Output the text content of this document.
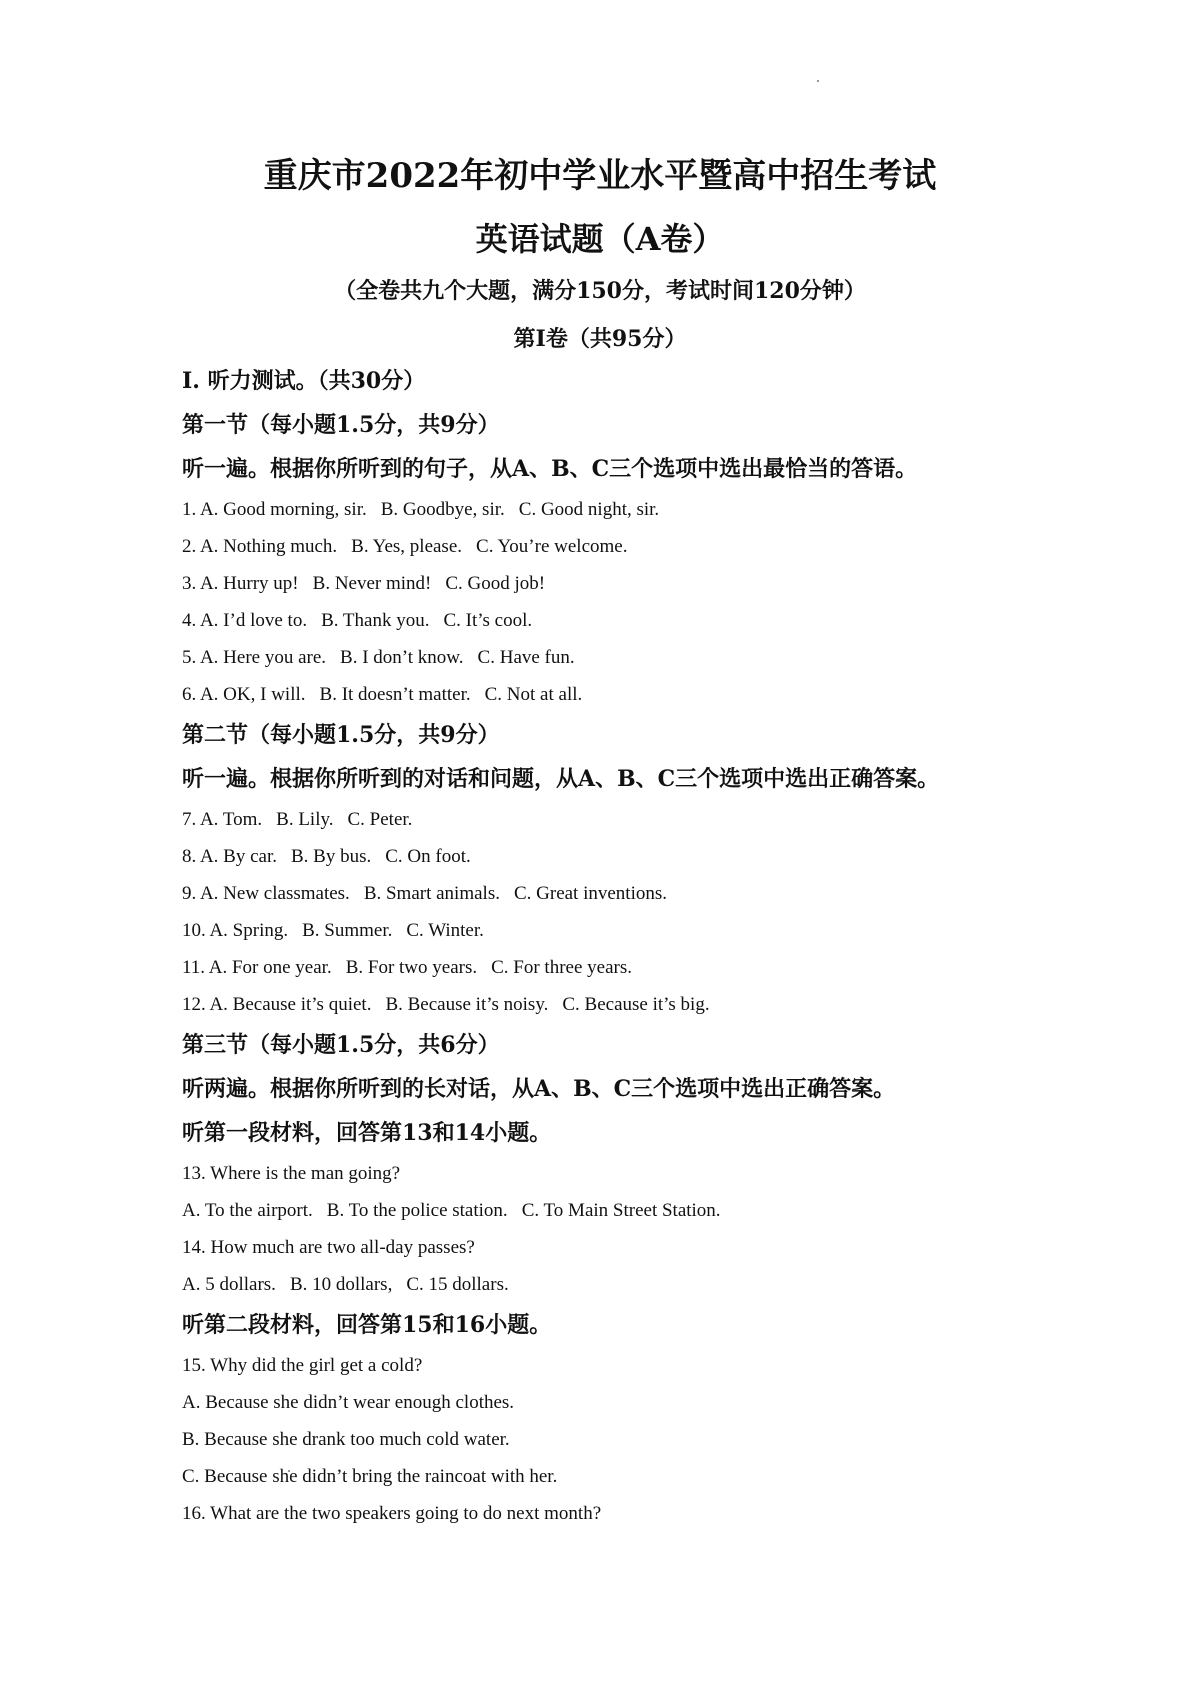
重庆市2022年初中学业水平暨高中招生考试
英语试题（A卷）
（全卷共九个大题，满分150分，考试时间120分钟）
第Ⅰ卷（共95分）
Ⅰ. 听力测试。（共30分）
第一节（每小题1.5分，共9分）
听一遍。根据你所听到的句子，从A、B、C三个选项中选出最恰当的答语。
1. A. Good morning, sir. B. Goodbye, sir. C. Good night, sir.
2. A. Nothing much. B. Yes, please. C. You’re welcome.
3. A. Hurry up! B. Never mind! C. Good job!
4. A. I’d love to. B. Thank you. C. It’s cool.
5. A. Here you are. B. I don’t know. C. Have fun.
6. A. OK, I will. B. It doesn’t matter. C. Not at all.
第二节（每小题1.5分，共9分）
听一遍。根据你所听到的对话和问题，从A、B、C三个选项中选出正确答案。
7. A. Tom. B. Lily. C. Peter.
8. A. By car. B. By bus. C. On foot.
9. A. New classmates. B. Smart animals. C. Great inventions.
10. A. Spring. B. Summer. C. Winter.
11. A. For one year. B. For two years. C. For three years.
12. A. Because it’s quiet. B. Because it’s noisy. C. Because it’s big.
第三节（每小题1.5分，共6分）
听两遍。根据你所听到的长对话，从A、B、C三个选项中选出正确答案。
听第一段材料，回答第13和14小题。
13. Where is the man going?
A. To the airport. B. To the police station. C. To Main Street Station.
14. How much are two all-day passes?
A. 5 dollars. B. 10 dollars, C. 15 dollars.
听第二段材料，回答第15和16小题。
15. Why did the girl get a cold?
A. Because she didn’t wear enough clothes.
B. Because she drank too much cold water.
C. Because she didn’t bring the raincoat with her.
16. What are the two speakers going to do next month?
